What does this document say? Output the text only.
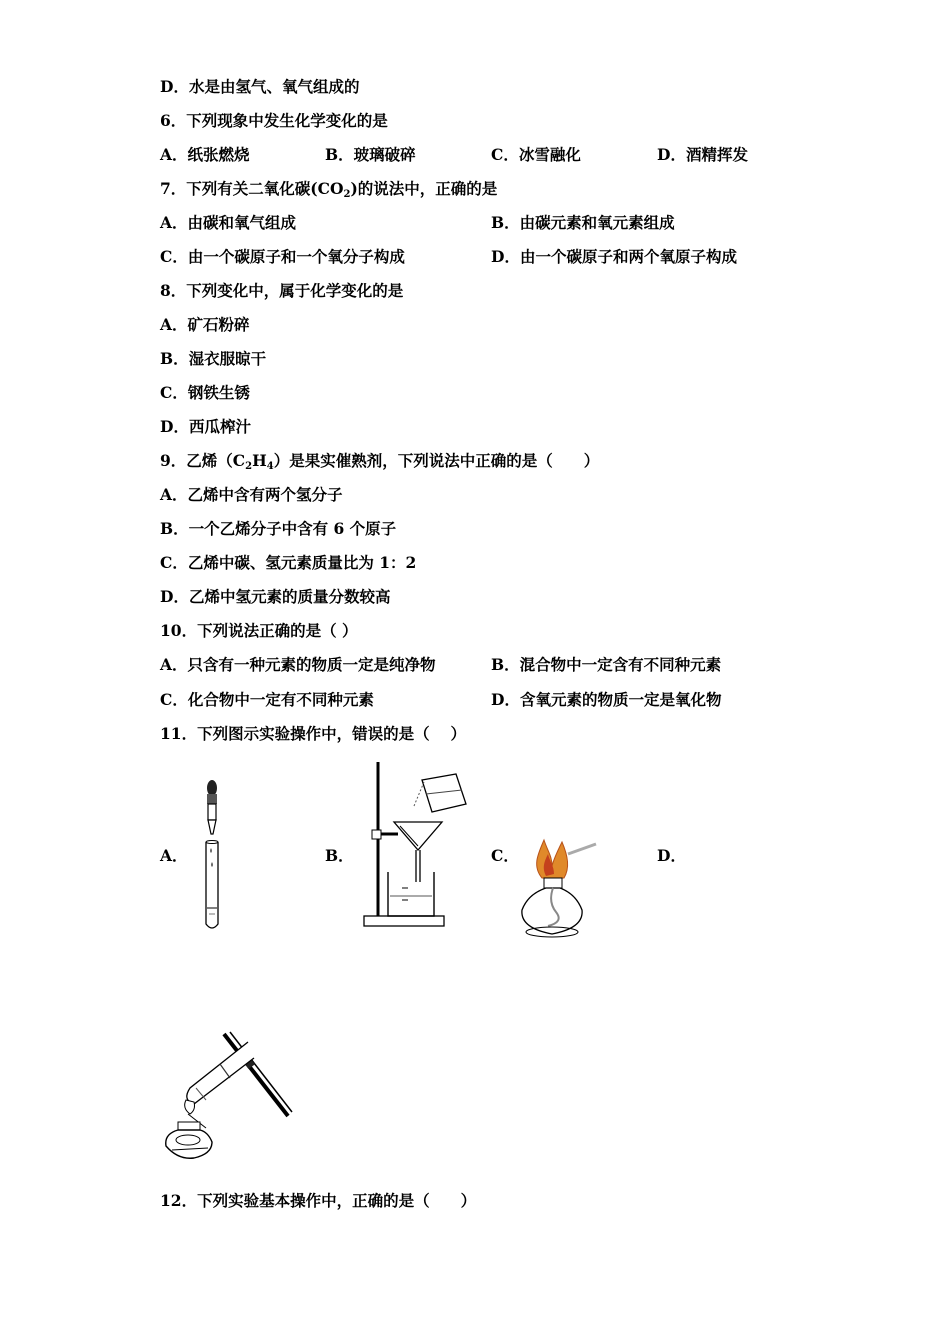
D．水是由氢气、氧气组成的
6．下列现象中发生化学变化的是
A．纸张燃烧	B．玻璃破碎	C．冰雪融化	D．酒精挥发
7．下列有关二氧化碳$(CO_2)$的说法中，正确的是
A．由碳和氧气组成	B．由碳元素和氧元素组成
C．由一个碳原子和一个氧分子构成	D．由一个碳原子和两个氧原子构成
8．下列变化中，属于化学变化的是
A．矿石粉碎
B．湿衣服晾干
C．钢铁生锈
D．西瓜榨汁
9．乙烯$(C_2H_4)$是果实催熟剂，下列说法中正确的是（　　）
A．乙烯中含有两个氢分子
B．一个乙烯分子中含有 6 个原子
C．乙烯中碳、氢元素质量比为 1：2
D．乙烯中氢元素的质量分数较高
10．下列说法正确的是（ ）
A．只含有一种元素的物质一定是纯净物	B．混合物中一定含有不同种元素
C．化合物中一定有不同种元素	D．含氧元素的物质一定是氧化物
11．下列图示实验操作中，错误的是（　 ）
A．	B．	C．	D．
12．下列实验基本操作中，正确的是（　　）
